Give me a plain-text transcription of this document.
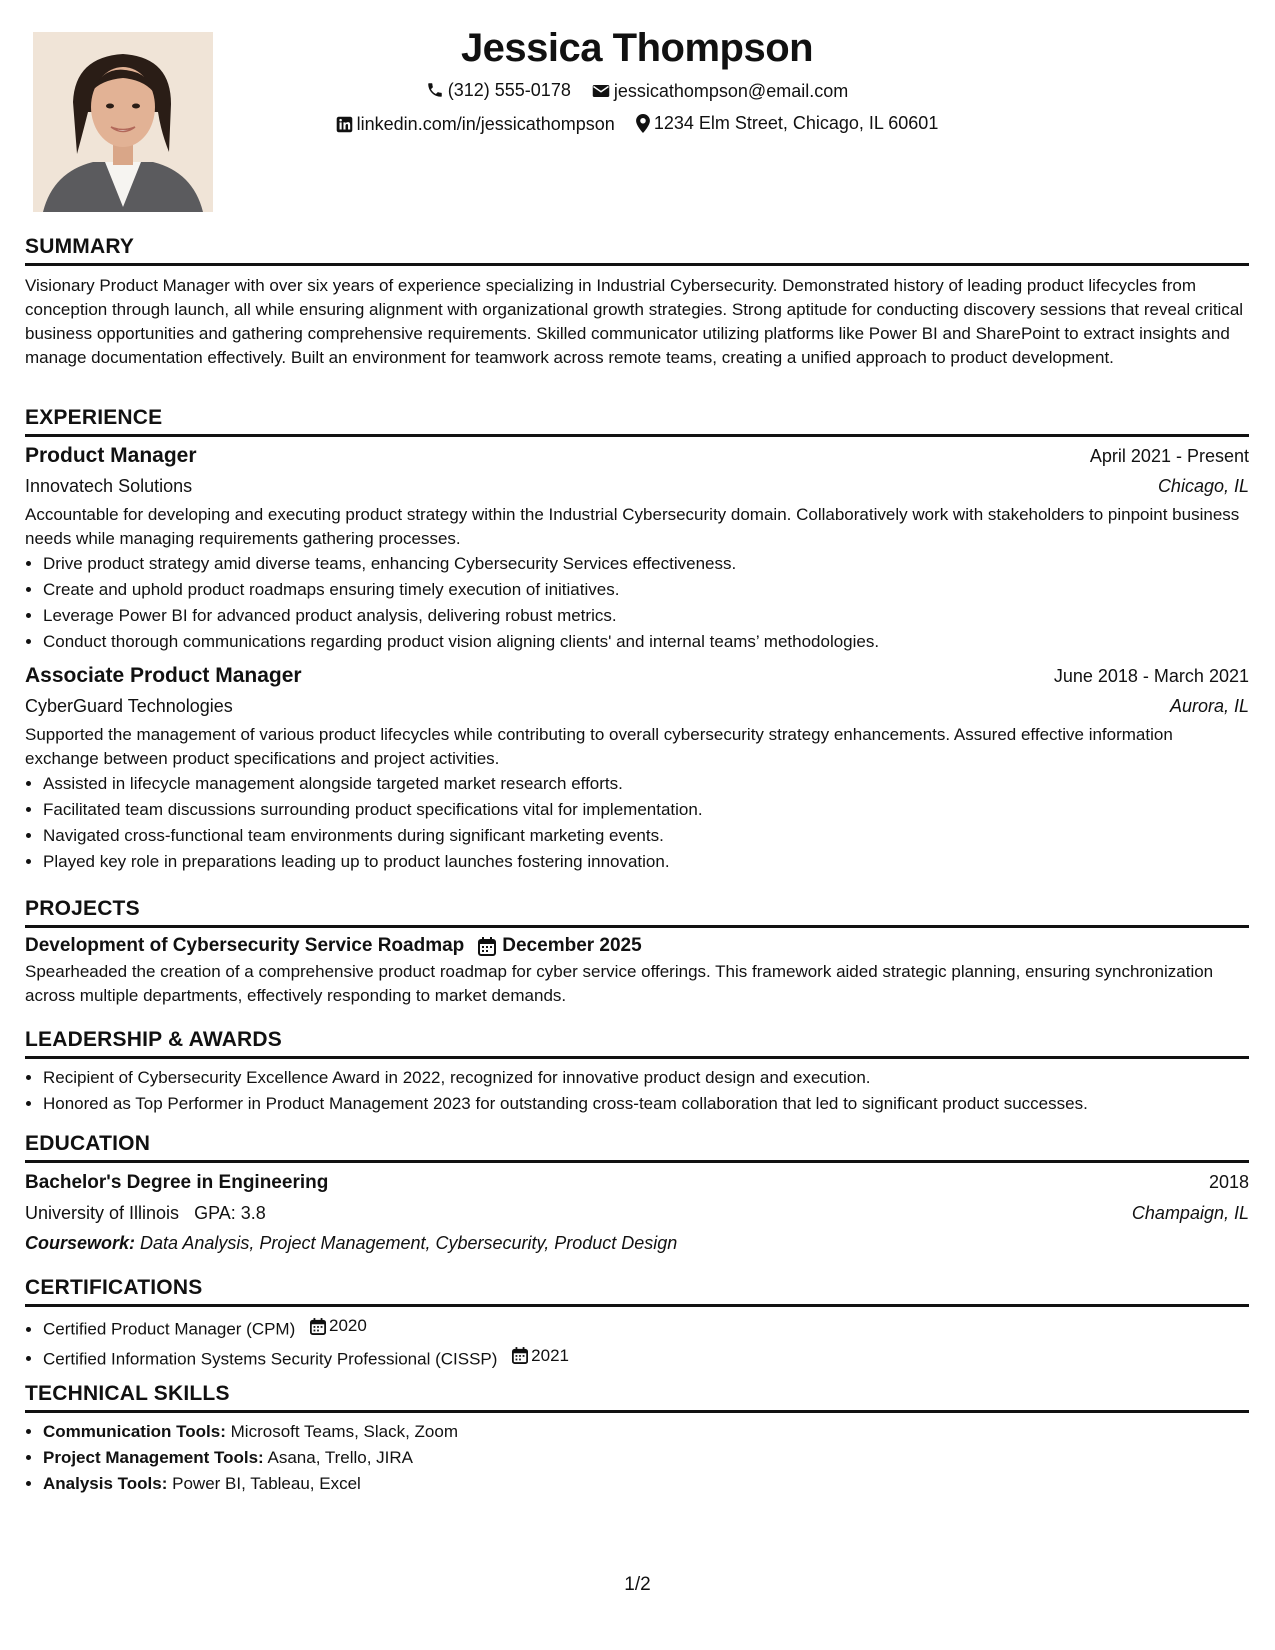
Jessica Thompson
(312) 555-0178
jessicathompson@email.com
linkedin.com/in/jessicathompson
1234 Elm Street, Chicago, IL 60601
SUMMARY

Visionary Product Manager with over six years of experience specializing in Industrial Cybersecurity. Demonstrated history of leading product lifecycles from conception through launch, all while ensuring alignment with organizational growth strategies. Strong aptitude for conducting discovery sessions that reveal critical business opportunities and gathering comprehensive requirements. Skilled communicator utilizing platforms like Power BI and SharePoint to extract insights and manage documentation effectively. Built an environment for teamwork across remote teams, creating a unified approach to product development.

EXPERIENCE
Product Manager	April 2021 - Present
Innovatech Solutions	Chicago, IL

Accountable for developing and executing product strategy within the Industrial Cybersecurity domain. Collaboratively work with stakeholders to pinpoint business needs while managing requirements gathering processes.

• Drive product strategy amid diverse teams, enhancing Cybersecurity Services effectiveness.
• Create and uphold product roadmaps ensuring timely execution of initiatives.
• Leverage Power BI for advanced product analysis, delivering robust metrics.
• Conduct thorough communications regarding product vision aligning clients' and internal teams’ methodologies.
Associate Product Manager	June 2018 - March 2021
CyberGuard Technologies	Aurora, IL

Supported the management of various product lifecycles while contributing to overall cybersecurity strategy enhancements. Assured effective information exchange between product specifications and project activities.

• Assisted in lifecycle management alongside targeted market research efforts.
• Facilitated team discussions surrounding product specifications vital for implementation.
• Navigated cross-functional team environments during significant marketing events.
• Played key role in preparations leading up to product launches fostering innovation.
PROJECTS
Development of Cybersecurity Service Roadmap December 2025

Spearheaded the creation of a comprehensive product roadmap for cyber service offerings. This framework aided strategic planning, ensuring synchronization across multiple departments, effectively responding to market demands.

LEADERSHIP & AWARDS
• Recipient of Cybersecurity Excellence Award in 2022, recognized for innovative product design and execution.
• Honored as Top Performer in Product Management 2023 for outstanding cross-team collaboration that led to significant product successes.
EDUCATION
Bachelor's Degree in Engineering	2018
University of Illinois GPA: 3.8	Champaign, IL
Coursework: Data Analysis, Project Management, Cybersecurity, Product Design
CERTIFICATIONS
• Certified Product Manager (CPM) 2020
• Certified Information Systems Security Professional (CISSP) 2021
TECHNICAL SKILLS
• Communication Tools: Microsoft Teams, Slack, Zoom
• Project Management Tools: Asana, Trello, JIRA
• Analysis Tools: Power BI, Tableau, Excel
1/2
